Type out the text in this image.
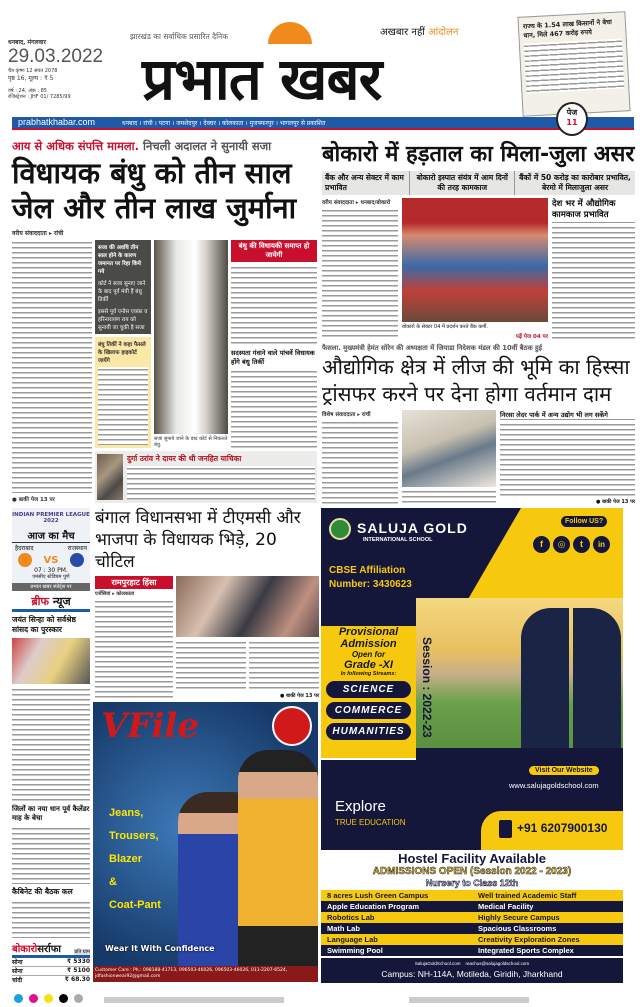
धनबाद, मंगलवार
29.03.2022
चैत्र कृष्ण 12 संवत 2078
पृष्ठ 16, मूल्य : ₹ 5
वर्ष : 24, अंक : 85
रजिस्ट्रेशन : JHF 01/ 7285/99
झारखंड का सर्वाधिक प्रसारित दैनिक
प्रभात खबर
अखबार नहीं आंदोलन
राज्य के 1.54 लाख किसानों ने बेचा धान, मिले 467 करोड़ रुपये
prabhatkhabar.com	धनबाद । रांची । पटना । जमशेदपुर । देवघर । कोलकाता । मुजफ्फरपुर । भागलपुर से प्रकाशित
पेज
11
आय से अधिक संपत्ति मामला. निचली अदालत ने सुनायी सजा
विधायक बंधु को तीन साल जेल और तीन लाख जुर्माना
वरीय संवाददाता ▸ रांची
● बाकी पेज 13 पर
सजा की अवधि तीन साल होने के कारण जमानत पर रिहा किये गये
कोर्ट ने सजा सुनाए जाने के बाद पूर्व मंत्री हैं बंधु तिर्की
इससे पूर्व एनोस एक्का व हरिनारायण राय को सुनायी जा चुकी है सजा
बंधु तिर्की ने कहा फैसले के खिलाफ हाइकोर्ट जायेंगे
सजा सुनाये जाने के बाद कोर्ट से निकलते बंधु.
बंधु की विधायकी समाप्त हो जायेगी
सदस्यता गंवाने वाले पांचवें विधायक होंगे बंधु तिर्की
दुर्गा उरांव ने दायर की थी जनहित याचिका
बोकारो में हड़ताल का मिला-जुला असर
बैंक और अन्य सेक्टर में काम प्रभावित
बोकारो इस्पात संयंत्र में आम दिनों की तरह कामकाज
बैंकों में 50 करोड़ का कारोबार प्रभावित, बेरमो में मिलाजुला असर
वरीय संवाददाता ▸ धनबाद/बोकारो
बोकारो के सेक्टर 04 में प्रदर्शन करते बैंक कर्मी.
पढ़ें पेज 04 पर
देश भर में औद्योगिक कामकाज प्रभावित
फैसला. मुख्यमंत्री हेमंत सोरेन की अध्यक्षता में जियाडा निदेशक मंडल की 10वीं बैठक हुई
औद्योगिक क्षेत्र में लीज की भूमि का हिस्सा ट्रांसफर करने पर देना होगा वर्तमान दाम
विशेष संवाददाता ▸ रांची	निरसा लेदर पार्क में अन्य उद्योग भी लग सकेंगे
● बाकी पेज 13 पर
INDIAN PREMIER LEAGUE 2022
आज का मैच
हैदराबाद	राजस्थान
VS
07 : 30 PM.
एमसीए स्टेडियम पुणे
प्रभात खबर स्पोर्ट्स पर
ब्रीफ न्यूज
जयंत सिन्हा को सर्वश्रेष्ठ सांसद का पुरस्कार
जिलों का नया धान पूर्व कैलेंडर माह के बेचा
कैबिनेट की बैठक कल
बोकारोसर्राफा	प्रति ग्राम
सोना	₹ 5330
सोना	₹ 5100
चांदी	₹ 68.30
बंगाल विधानसभा में टीएमसी और भाजपा के विधायक भिड़े, 20 चोटिल
रामपुरहाट हिंसा
एजेंसियां ▸ कोलकाता
● बाकी पेज 13 पर
VFile
Jeans,
Trousers,
Blazer
&
Coat-Pant
Wear It With Confidence
Customer Care : Ph.: 098188-41713, 096503-46026, 096503-46026, 011-2207-6524, jdfashionwear92@gmail.com
SALUJA GOLD
INTERNATIONAL SCHOOL
Follow US?
f	◎	t	in
CBSE Affiliation
Number: 3430623
Provisional
Admission
Open for
Grade -XI
In following Streams:
SCIENCE
COMMERCE
HUMANITIES	Session : 2022-23
Visit Our Website
www.salujagoldschool.com
Explore
TRUE EDUCATION	+91 6207900130
Hostel Facility Available
ADMISSIONS OPEN (Session 2022 - 2023)
Nursery to Class 12th
8 acres Lush Green Campus	Well trained Academic Staff
Apple Education Program	Medical Facility
Robotics Lab	Highly Secure Campus
Math Lab	Spacious Classrooms
Language Lab	Creativity Exploration Zones
Swimming Pool	Integrated Sports Complex
SalujaGoldSchool.com reachus@salujagoldschool.com
Campus: NH-114A, Motileda, Giridih, Jharkhand
